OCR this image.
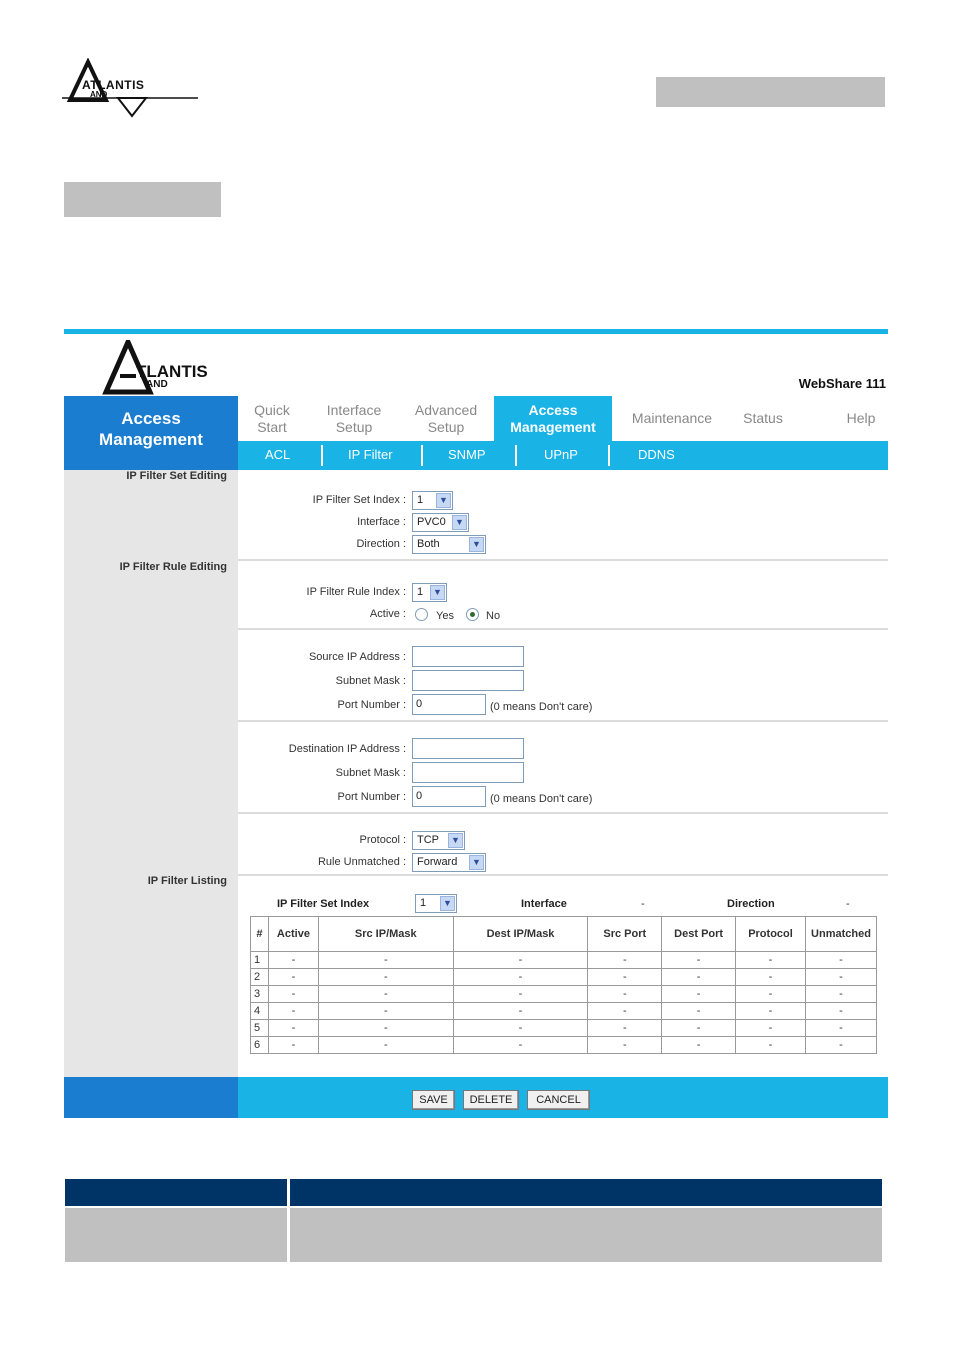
ATLANTIS
AND
TLANTIS
AND	WebShare 111
Access Management
Quick Start
Interface Setup
Advanced Setup
Access Management
Maintenance	Status	Help
ACL	IP Filter	SNMP	UPnP	DDNS
IP Filter Set Editing
IP Filter Rule Editing
IP Filter Listing
IP Filter Set Index :	1	▼
Interface :	PVC0	▼
Direction :	Both	▼
IP Filter Rule Index :	1	▼
Active :	Yes	No
Source IP Address :
Subnet Mask :
Port Number : 0	(0 means Don't care)
Destination IP Address :
Subnet Mask :
Port Number : 0	(0 means Don't care)
Protocol :	TCP	▼
Rule Unmatched :	Forward	▼
IP Filter Set Index	1	▼	Interface	-	Direction	-
#	Active	Src IP/Mask	Dest IP/Mask	Src Port	Dest Port	Protocol	Unmatched
1	-	-	-	-	-	-	-
2	-	-	-	-	-	-	-
3	-	-	-	-	-	-	-
4	-	-	-	-	-	-	-
5	-	-	-	-	-	-	-
6	-	-	-	-	-	-	-
SAVE	DELETE	CANCEL
